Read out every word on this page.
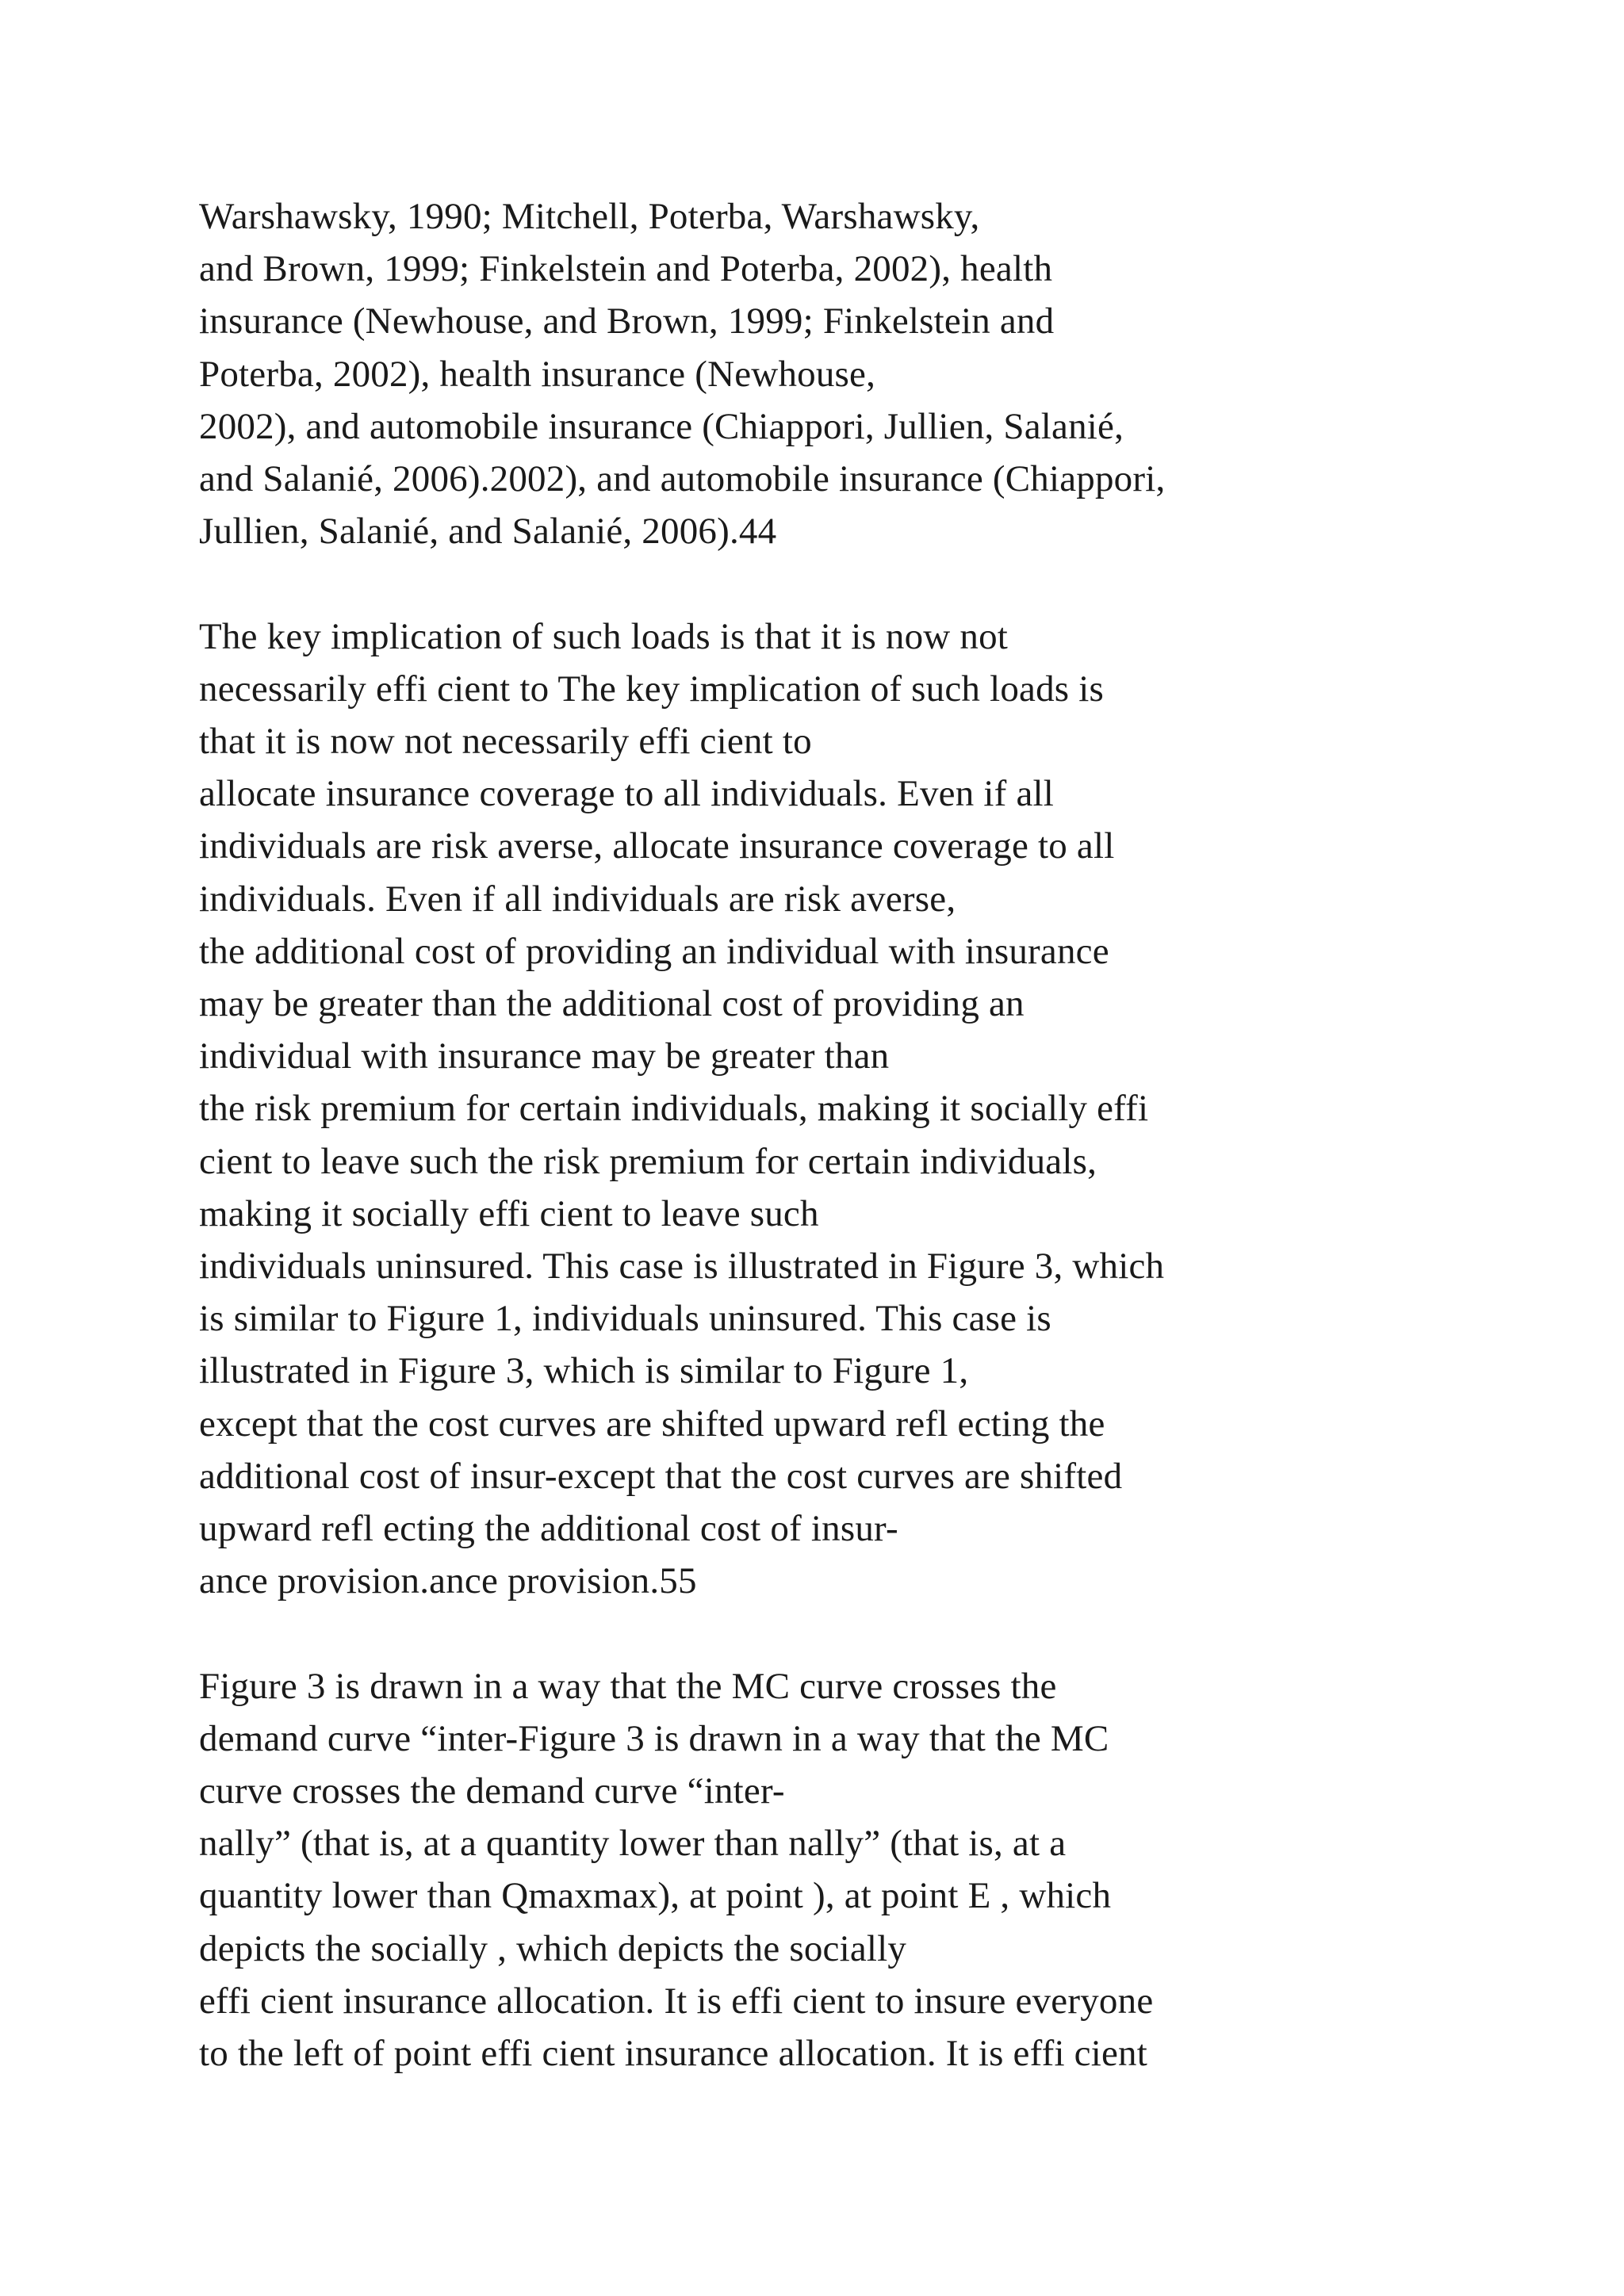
Warshawsky, 1990; Mitchell, Poterba, Warshawsky,
and Brown, 1999; Finkelstein and Poterba, 2002), health
insurance (Newhouse, and Brown, 1999; Finkelstein and
Poterba, 2002), health insurance (Newhouse,
2002), and automobile insurance (Chiappori, Jullien, Salanié,
and Salanié, 2006).2002), and automobile insurance (Chiappori,
Jullien, Salanié, and Salanié, 2006).44
The key implication of such loads is that it is now not
necessarily effi cient to The key implication of such loads is
that it is now not necessarily effi cient to
allocate insurance coverage to all individuals. Even if all
individuals are risk averse, allocate insurance coverage to all
individuals. Even if all individuals are risk averse,
the additional cost of providing an individual with insurance
may be greater than the additional cost of providing an
individual with insurance may be greater than
the risk premium for certain individuals, making it socially effi
cient to leave such the risk premium for certain individuals,
making it socially effi cient to leave such
individuals uninsured. This case is illustrated in Figure 3, which
is similar to Figure 1, individuals uninsured. This case is
illustrated in Figure 3, which is similar to Figure 1,
except that the cost curves are shifted upward refl ecting the
additional cost of insur-except that the cost curves are shifted
upward refl ecting the additional cost of insur-
ance provision.ance provision.55
Figure 3 is drawn in a way that the MC curve crosses the
demand curve “inter-Figure 3 is drawn in a way that the MC
curve crosses the demand curve “inter-
nally” (that is, at a quantity lower than nally” (that is, at a
quantity lower than Qmaxmax), at point ), at point E , which
depicts the socially , which depicts the socially
effi cient insurance allocation. It is effi cient to insure everyone
to the left of point effi cient insurance allocation. It is effi cient
